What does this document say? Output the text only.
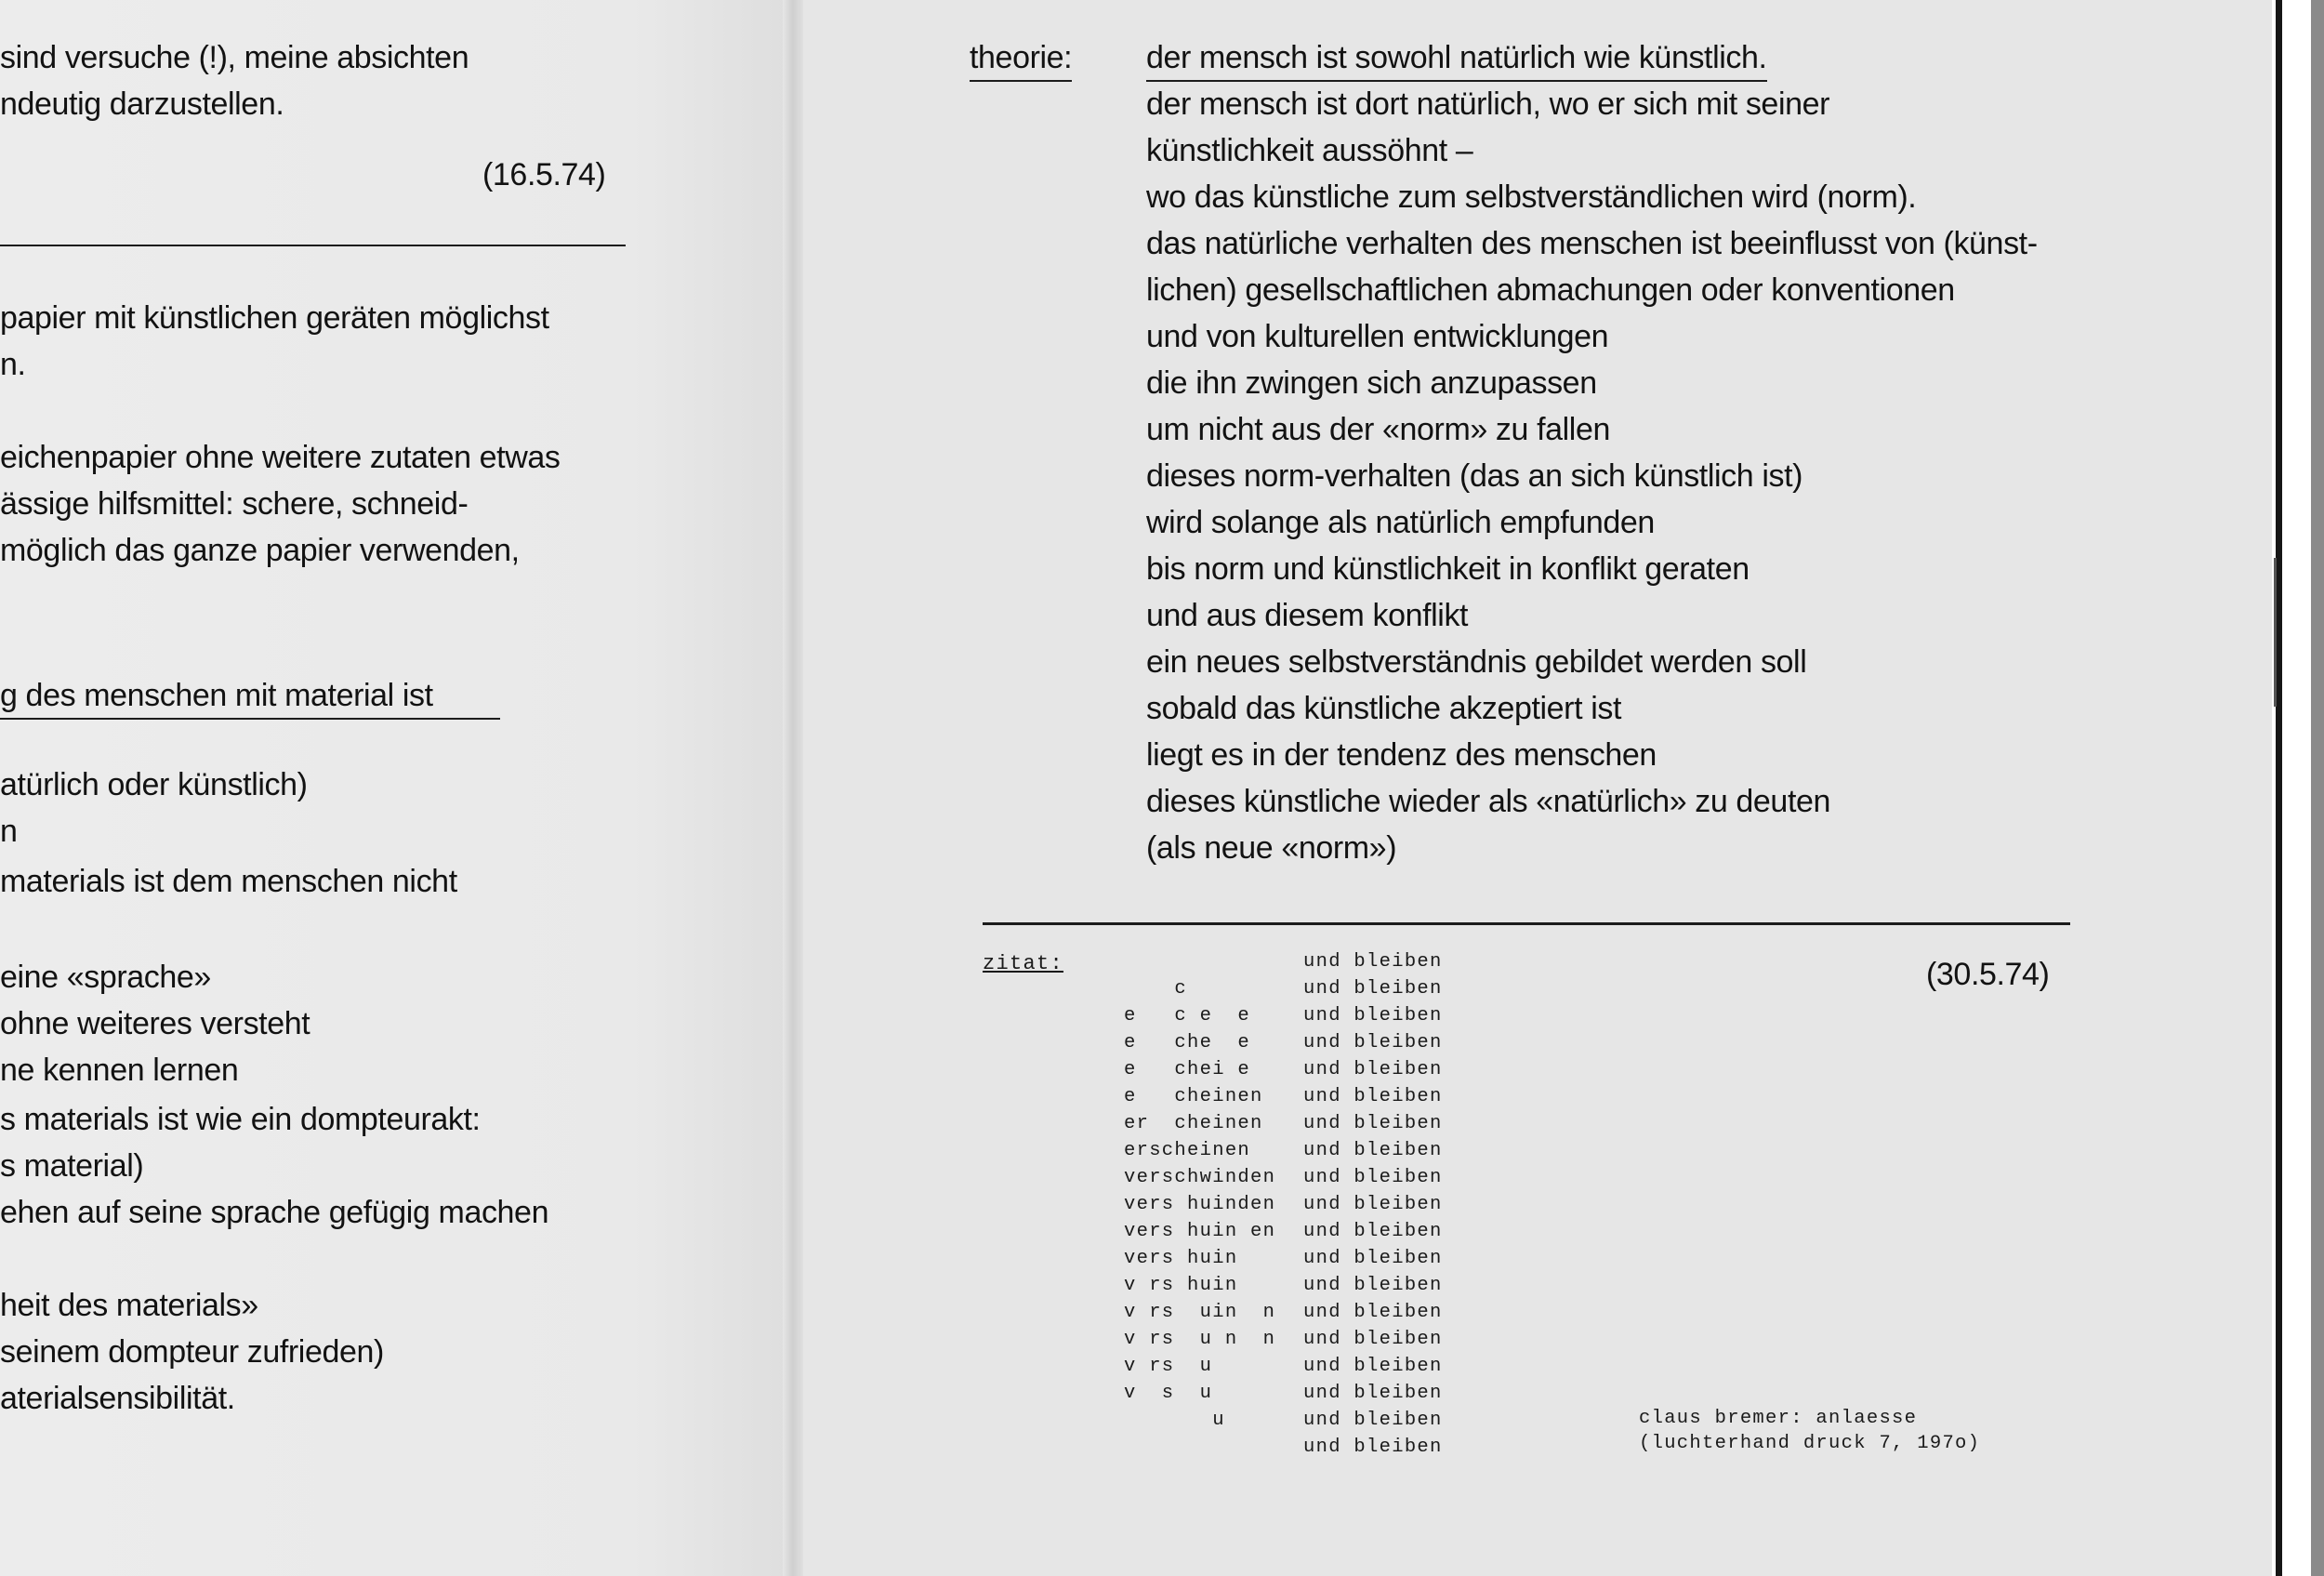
sind versuche (!), meine absichten
ndeutig darzustellen.
(16.5.74)
papier mit künstlichen geräten möglichst
n.
eichenpapier ohne weitere zutaten etwas
ässige hilfsmittel: schere, schneid-
möglich das ganze papier verwenden,
g des menschen mit material ist
atürlich oder künstlich)
n
materials ist dem menschen nicht
eine «sprache»
ohne weiteres versteht
ne kennen lernen
s materials ist wie ein dompteurakt:
s material)
ehen auf seine sprache gefügig machen
heit des materials»
seinem dompteur zufrieden)
aterialsensibilität.
theorie: der mensch ist sowohl natürlich wie künstlich.
der mensch ist dort natürlich, wo er sich mit seiner
künstlichkeit aussöhnt –
wo das künstliche zum selbstverständlichen wird (norm).
das natürliche verhalten des menschen ist beeinflusst von (künst-
lichen) gesellschaftlichen abmachungen oder konventionen
und von kulturellen entwicklungen
die ihn zwingen sich anzupassen
um nicht aus der «norm» zu fallen
dieses norm-verhalten (das an sich künstlich ist)
wird solange als natürlich empfunden
bis norm und künstlichkeit in konflikt geraten
und aus diesem konflikt
ein neues selbstverständnis gebildet werden soll
sobald das künstliche akzeptiert ist
liegt es in der tendenz des menschen
dieses künstliche wieder als «natürlich» zu deuten
(als neue «norm»)
zitat:	(30.5.74)
c
e   c e  e
e   che  e
e   chei e
e   cheinen
er  cheinen
erscheinen
verschwinden
vers huinden
vers huin en
vers huin
v rs huin
v rs  uin  n
v rs  u n  n
v rs  u
v  s  u
u
und bleiben
und bleiben
und bleiben
und bleiben
und bleiben
und bleiben
und bleiben
und bleiben
und bleiben
und bleiben
und bleiben
und bleiben
und bleiben
und bleiben
und bleiben
und bleiben
und bleiben
und bleiben
und bleiben
claus bremer: anlaesse
(luchterhand druck 7, 197o)
